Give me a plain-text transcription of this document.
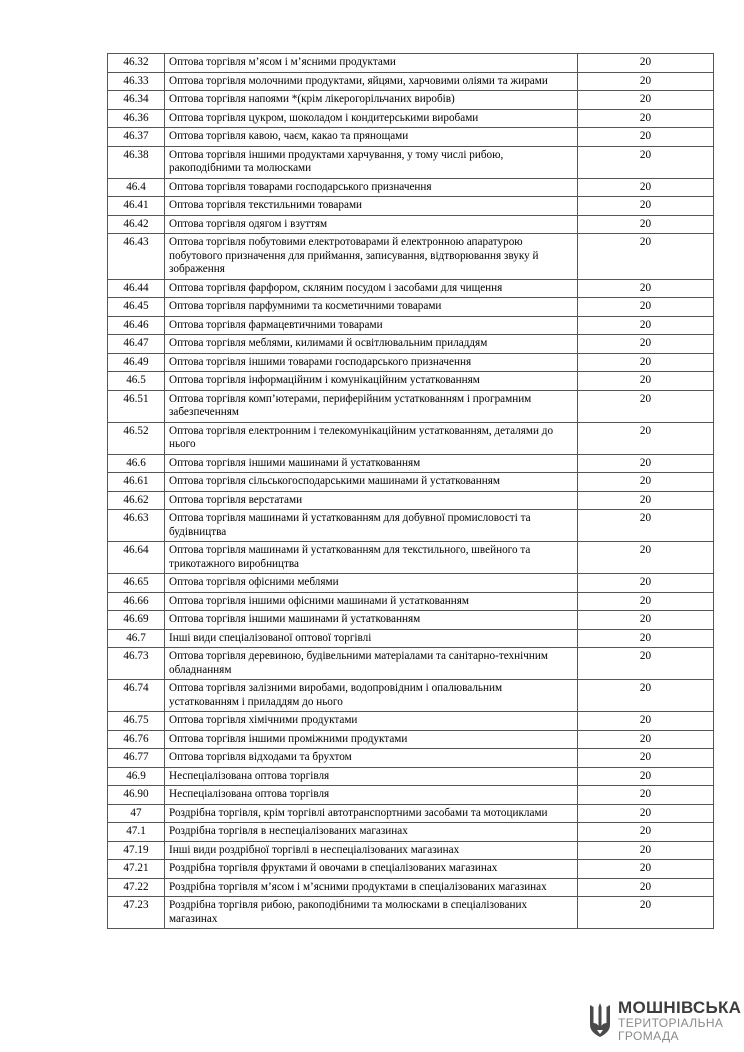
46.32	Оптова торгівля м’ясом і м’ясними продуктами	20
46.33	Оптова торгівля молочними продуктами, яйцями, харчовими оліями та жирами	20
46.34	Оптова торгівля напоями *(крім лікерогорільчаних виробів)	20
46.36	Оптова торгівля цукром, шоколадом і кондитерськими виробами	20
46.37	Оптова торгівля кавою, чаєм, какао та прянощами	20
46.38	Оптова торгівля іншими продуктами харчування, у тому числі рибою, ракоподібними та молюсками	20
46.4	Оптова торгівля товарами господарського призначення	20
46.41	Оптова торгівля текстильними товарами	20
46.42	Оптова торгівля одягом і взуттям	20
46.43	Оптова торгівля побутовими електротоварами й електронною апаратурою побутового призначення для приймання, записування, відтворювання звуку й зображення	20
46.44	Оптова торгівля фарфором, скляним посудом і засобами для чищення	20
46.45	Оптова торгівля парфумними та косметичними товарами	20
46.46	Оптова торгівля фармацевтичними товарами	20
46.47	Оптова торгівля меблями, килимами й освітлювальним приладдям	20
46.49	Оптова торгівля іншими товарами господарського призначення	20
46.5	Оптова торгівля інформаційним і комунікаційним устаткованням	20
46.51	Оптова торгівля комп’ютерами, периферійним устаткованням і програмним забезпеченням	20
46.52	Оптова торгівля електронним і телекомунікаційним устаткованням, деталями до нього	20
46.6	Оптова торгівля іншими машинами й устаткованням	20
46.61	Оптова торгівля сільськогосподарськими машинами й устаткованням	20
46.62	Оптова торгівля верстатами	20
46.63	Оптова торгівля машинами й устаткованням для добувної промисловості та будівництва	20
46.64	Оптова торгівля машинами й устаткованням для текстильного, швейного та трикотажного виробництва	20
46.65	Оптова торгівля офісними меблями	20
46.66	Оптова торгівля іншими офісними машинами й устаткованням	20
46.69	Оптова торгівля іншими машинами й устаткованням	20
46.7	Інші види спеціалізованої оптової торгівлі	20
46.73	Оптова торгівля деревиною, будівельними матеріалами та санітарно-технічним обладнанням	20
46.74	Оптова торгівля залізними виробами, водопровідним і опалювальним устаткованням і приладдям до нього	20
46.75	Оптова торгівля хімічними продуктами	20
46.76	Оптова торгівля іншими проміжними продуктами	20
46.77	Оптова торгівля відходами та брухтом	20
46.9	Неспеціалізована оптова торгівля	20
46.90	Неспеціалізована оптова торгівля	20
47	Роздрібна торгівля, крім торгівлі автотранспортними засобами та мотоциклами	20
47.1	Роздрібна торгівля в неспеціалізованих магазинах	20
47.19	Інші види роздрібної торгівлі в неспеціалізованих магазинах	20
47.21	Роздрібна торгівля фруктами й овочами в спеціалізованих магазинах	20
47.22	Роздрібна торгівля м’ясом і м’ясними продуктами в спеціалізованих магазинах	20
47.23	Роздрібна торгівля рибою, ракоподібними та молюсками в спеціалізованих магазинах	20
МОШНІВСЬКА
ТЕРИТОРІАЛЬНА
ГРОМАДА
